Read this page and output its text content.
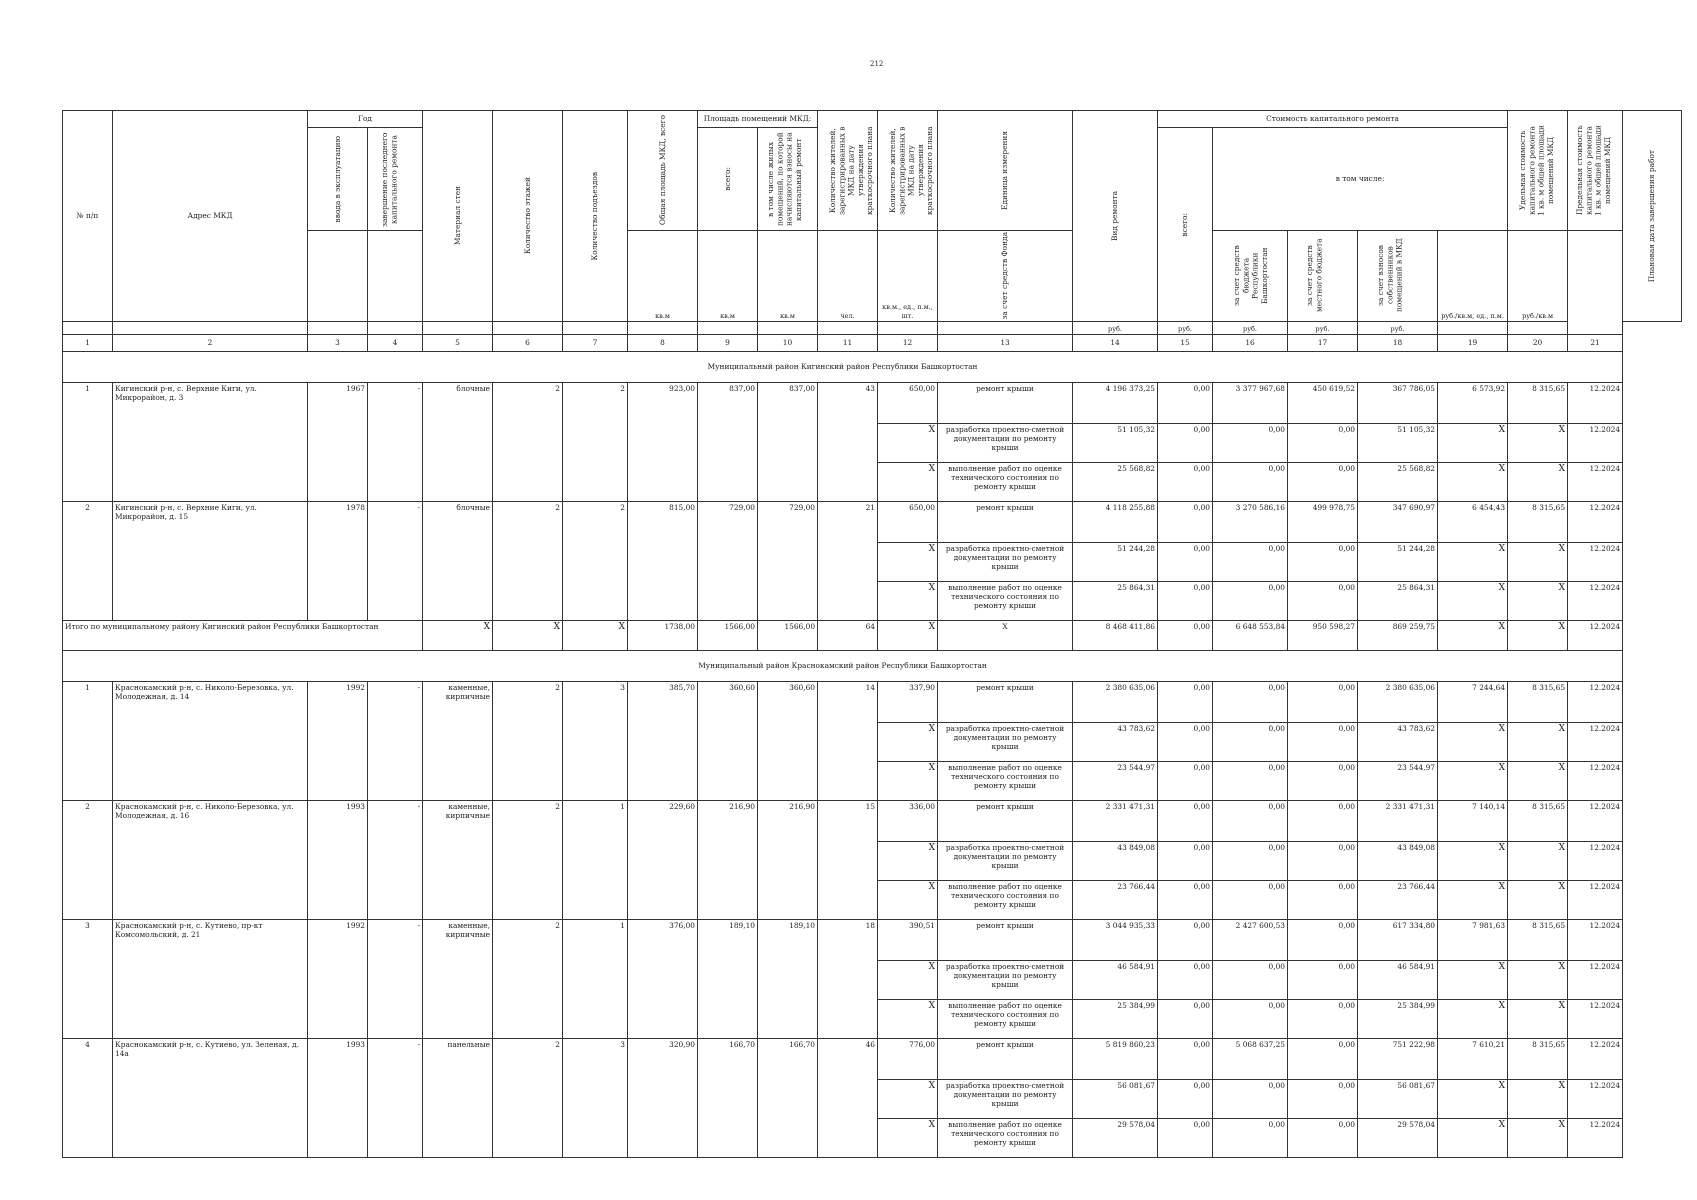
212
№ п/п	Адрес МКД	Год		Материал стен	Количество этажей	Количество подъездов	Общая площадь МКД, всего	Площадь помещений МКД:		Количество жителей, зарегистрированных в МКД на дату утверждения краткосрочного плана	Количество жителей, зарегистрированных в МКД на дату утверждения краткосрочного плана	Единица измерения	Вид ремонта	Стоимость капитального ремонта					Удельная стоимость капитального ремонта 1 кв. м общей площади помещений МКД	Предельная стоимость капитального ремонта 1 кв. м общей площади помещений МКД	Плановая дата завершения работ

		ввода в эксплуатацию	завершение последнего капитального ремонта					всего:	в том числе жилых помещений, по которой начисляются взносы на капитальный ремонт					всего:	в том числе:						
							кв.м	кв.м	кв.м	чел.	кв.м., ед., п.м., шт.	за счет средств Фонда			за счет средств бюджета Республики Башкортостан	за счет средств местного бюджета	за счет взносов собственников помещений в МКД	руб./кв.м, ед., п.м.	руб./кв.м		
													руб.	руб.	руб.	руб.	руб.				
1	2	3	4	5	6	7	8	9	10	11	12	13	14	15	16	17	18	19	20	21	
Муниципальный район Кигинский район Республики Башкортостан																					
1	Кигинский р-н, с. Верхние Киги, ул. Микрорайон, д. 3	1967	-	блочные	2	2	923,00	837,00	837,00	43	650,00	ремонт крыши	4 196 373,25	0,00	3 377 967,68	450 619,52	367 786,05	6 573,92	8 315,65	12.2024	
											X	разработка проектно-сметной документации по ремонту крыши	51 105,32	0,00	0,00	0,00	51 105,32	X	X	12.2024	
											X	выполнение работ по оценке технического состояния по ремонту крыши	25 568,82	0,00	0,00	0,00	25 568,82	X	X	12.2024	
2	Кигинский р-н, с. Верхние Киги, ул. Микрорайон, д. 15	1978	-	блочные	2	2	815,00	729,00	729,00	21	650,00	ремонт крыши	4 118 255,88	0,00	3 270 586,16	499 978,75	347 690,97	6 454,43	8 315,65	12.2024	
											X	разработка проектно-сметной документации по ремонту крыши	51 244,28	0,00	0,00	0,00	51 244,28	X	X	12.2024	
											X	выполнение работ по оценке технического состояния по ремонту крыши	25 864,31	0,00	0,00	0,00	25 864,31	X	X	12.2024	
Итого по муниципальному району Кигинский район Республики Башкортостан				X	X	X	1738,00	1566,00	1566,00	64	X	X	8 468 411,86	0,00	6 648 553,84	950 598,27	869 259,75	X	X	12.2024	
Муниципальный район Краснокамский район Республики Башкортостан																					
1	Краснокамский р-н, с. Николо-Березовка, ул. Молодежная, д. 14	1992	-	каменные, кирпичные	2	3	385,70	360,60	360,60	14	337,90	ремонт крыши	2 380 635,06	0,00	0,00	0,00	2 380 635,06	7 244,64	8 315,65	12.2024	
											X	разработка проектно-сметной документации по ремонту крыши	43 783,62	0,00	0,00	0,00	43 783,62	X	X	12.2024	
											X	выполнение работ по оценке технического состояния по ремонту крыши	23 544,97	0,00	0,00	0,00	23 544,97	X	X	12.2024	
2	Краснокамский р-н, с. Николо-Березовка, ул. Молодежная, д. 16	1993	-	каменные, кирпичные	2	1	229,60	216,90	216,90	15	336,00	ремонт крыши	2 331 471,31	0,00	0,00	0,00	2 331 471,31	7 140,14	8 315,65	12.2024	
											X	разработка проектно-сметной документации по ремонту крыши	43 849,08	0,00	0,00	0,00	43 849,08	X	X	12.2024	
											X	выполнение работ по оценке технического состояния по ремонту крыши	23 766,44	0,00	0,00	0,00	23 766,44	X	X	12.2024	
3	Краснокамский р-н, с. Кутиево, пр-кт Комсомольский, д. 21	1992	-	каменные, кирпичные	2	1	376,00	189,10	189,10	18	390,51	ремонт крыши	3 044 935,33	0,00	2 427 600,53	0,00	617 334,80	7 981,63	8 315,65	12.2024	
											X	разработка проектно-сметной документации по ремонту крыши	46 584,91	0,00	0,00	0,00	46 584,91	X	X	12.2024	
											X	выполнение работ по оценке технического состояния по ремонту крыши	25 384,99	0,00	0,00	0,00	25 384,99	X	X	12.2024	
4	Краснокамский р-н, с. Кутиево, ул. Зеленая, д. 14а	1993	-	панельные	2	3	320,90	166,70	166,70	46	776,00	ремонт крыши	5 819 860,23	0,00	5 068 637,25	0,00	751 222,98	7 610,21	8 315,65	12.2024	
											X	разработка проектно-сметной документации по ремонту крыши	56 081,67	0,00	0,00	0,00	56 081,67	X	X	12.2024	
											X	выполнение работ по оценке технического состояния по ремонту крыши	29 578,04	0,00	0,00	0,00	29 578,04	X	X	12.2024	
